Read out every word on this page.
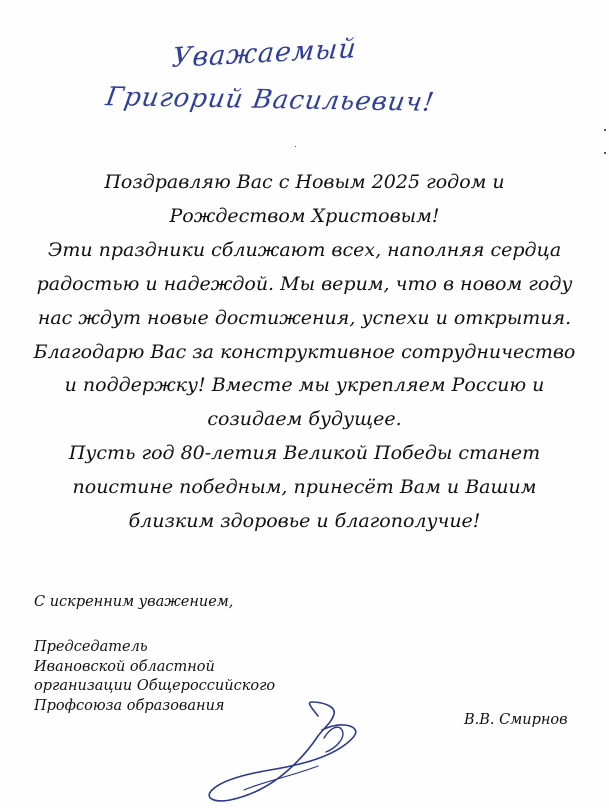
Уважаемый
Григорий Васильевич!
Поздравляю Вас с Новым 2025 годом и
Рождеством Христовым!
Эти праздники сближают всех, наполняя сердца
радостью и надеждой. Мы верим, что в новом году
нас ждут новые достижения, успехи и открытия.
Благодарю Вас за конструктивное сотрудничество
и поддержку! Вместе мы укрепляем Россию и
созидаем будущее.
Пусть год 80-летия Великой Победы станет
поистине победным, принесёт Вам и Вашим
близким здоровье и благополучие!
С искренним уважением,
Председатель
Ивановской областной
организации Общероссийского
Профсоюза образования
В.В. Смирнов
